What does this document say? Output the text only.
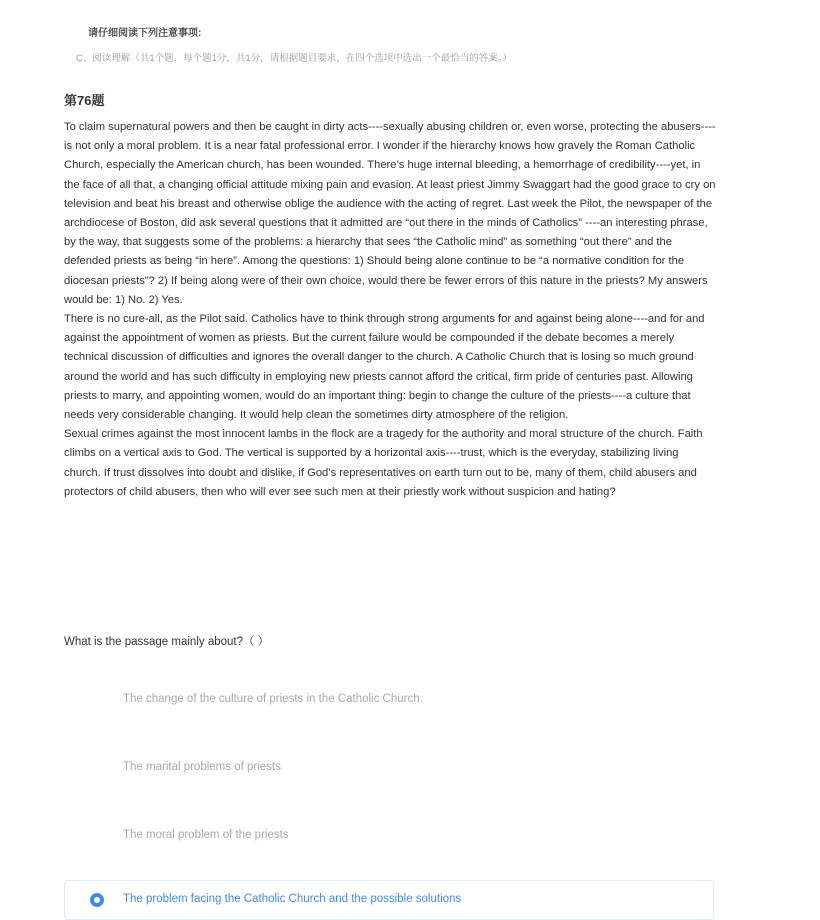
请仔细阅读下列注意事项:
C、阅读理解（共1个题，每个题1分，共1分，请根据题目要求，在四个选项中选出一个最恰当的答案。）
第76题

To claim supernatural powers and then be caught in dirty acts----sexually abusing children or, even worse, protecting the abusers----is not only a moral problem. It is a near fatal professional error. I wonder if the hierarchy knows how gravely the Roman Catholic Church, especially the American church, has been wounded. There’s huge internal bleeding, a hemorrhage of credibility----yet, in the face of all that, a changing official attitude mixing pain and evasion. At least priest Jimmy Swaggart had the good grace to cry on television and beat his breast and otherwise oblige the audience with the acting of regret. Last week the Pilot, the newspaper of the archdiocese of Boston, did ask several questions that it admitted are “out there in the minds of Catholics” ----an interesting phrase, by the way, that suggests some of the problems: a hierarchy that sees “the Catholic mind” as something “out there” and the defended priests as being “in here”. Among the questions: 1) Should being alone continue to be “a normative condition for the diocesan priests”? 2) If being along were of their own choice, would there be fewer errors of this nature in the priests? My answers would be: 1) No. 2) Yes.

There is no cure-all, as the Pilot said. Catholics have to think through strong arguments for and against being alone----and for and against the appointment of women as priests. But the current failure would be compounded if the debate becomes a merely technical discussion of difficulties and ignores the overall danger to the church. A Catholic Church that is losing so much ground around the world and has such difficulty in employing new priests cannot afford the critical, firm pride of centuries past. Allowing priests to marry, and appointing women, would do an important thing: begin to change the culture of the priests----a culture that needs very considerable changing. It would help clean the sometimes dirty atmosphere of the religion.

Sexual crimes against the most innocent lambs in the flock are a tragedy for the authority and moral structure of the church. Faith climbs on a vertical axis to God. The vertical is supported by a horizontal axis----trust, which is the everyday, stabilizing living church. If trust dissolves into doubt and dislike, if God’s representatives on earth turn out to be, many of them, child abusers and protectors of child abusers, then who will ever see such men at their priestly work without suspicion and hating?

What is the passage mainly about?（ ）
The change of the culture of priests in the Catholic Church.
The marital problems of priests
The moral problem of the priests
The problem facing the Catholic Church and the possible solutions
